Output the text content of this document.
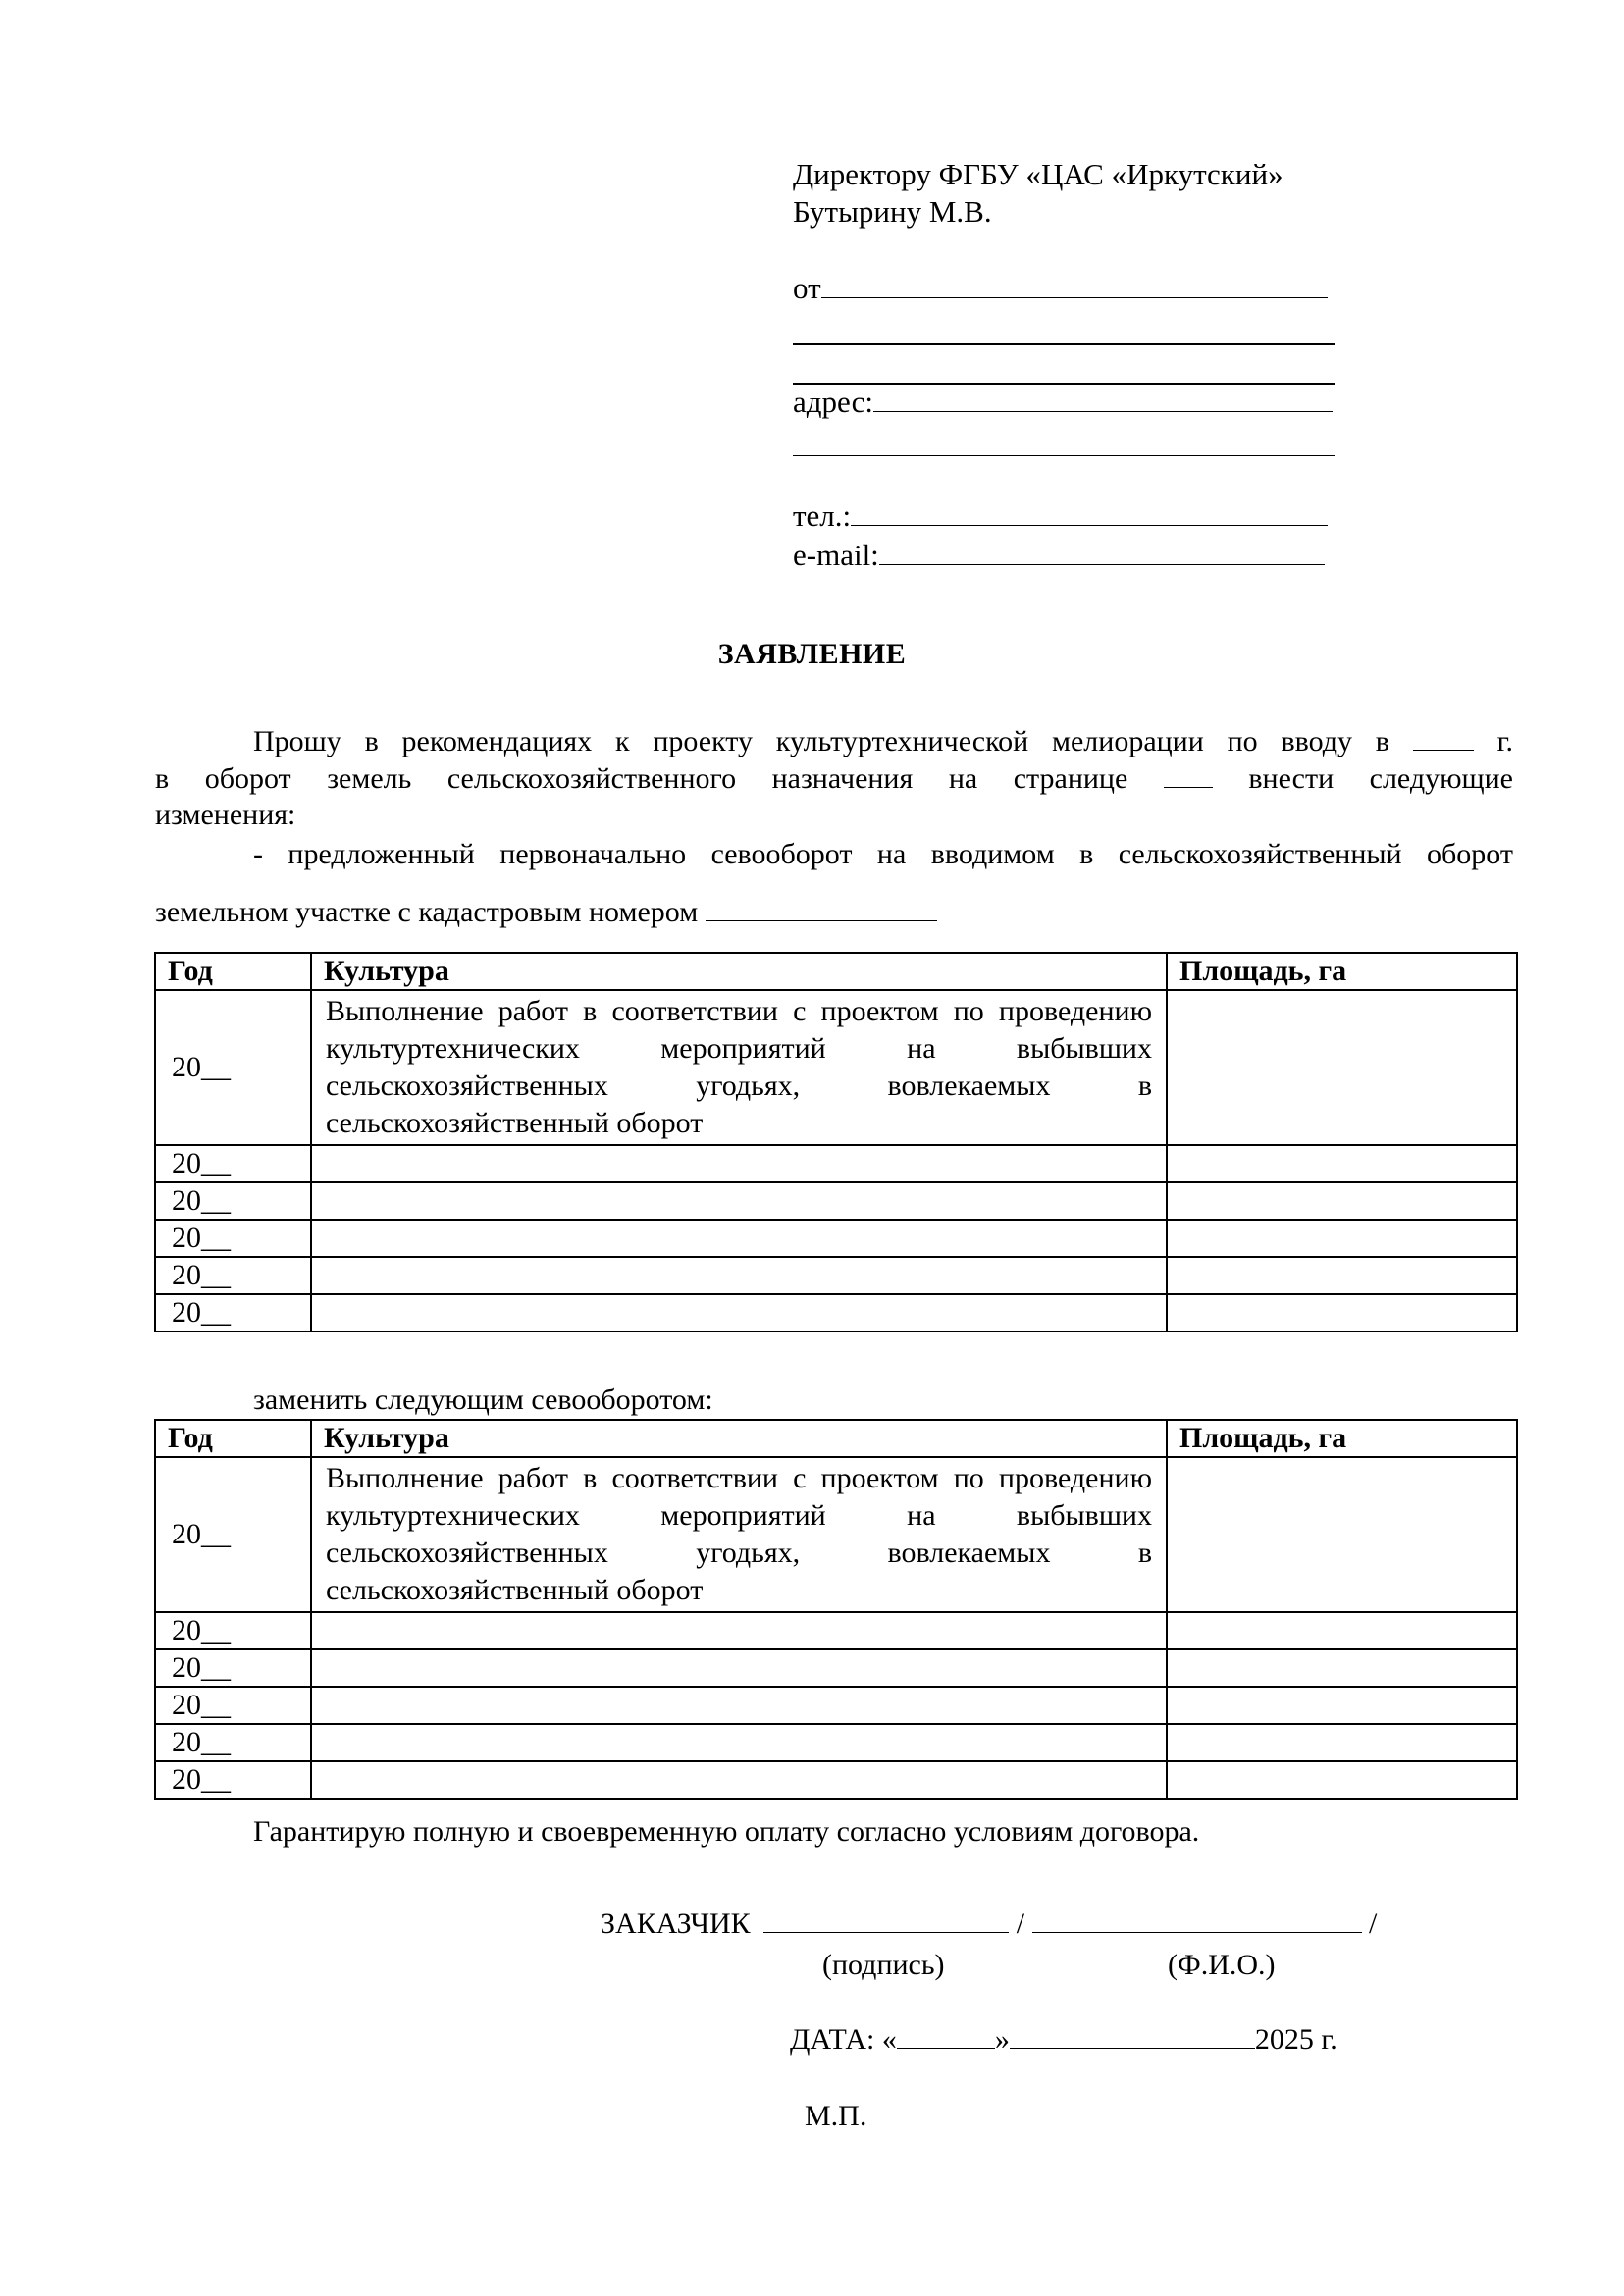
Директору ФГБУ «ЦАС «Иркутский»
Бутырину М.В.
от
адрес:
тел.:
e-mail:
ЗАЯВЛЕНИЕ
Прошу в рекомендациях к проекту культуртехнической мелиорации по вводу в	г.
в оборот земель сельскохозяйственного назначения на странице	внести следующие
изменения:
- предложенный первоначально севооборот на вводимом в сельскохозяйственный оборот
земельном участке с кадастровым номером
Год	Культура	Площадь, га
20__	Выполнение работ в соответствии с проектом по проведению культуртехнических мероприятий на выбывших сельскохозяйственных угодьях, вовлекаемых в сельскохозяйственный оборот	
20__		
20__		
20__		
20__		
20__		
заменить следующим севооборотом:
Год	Культура	Площадь, га
20__	Выполнение работ в соответствии с проектом по проведению культуртехнических мероприятий на выбывших сельскохозяйственных угодьях, вовлекаемых в сельскохозяйственный оборот	
20__		
20__		
20__		
20__		
20__		
Гарантирую полную и своевременную оплату согласно условиям договора.
ЗАКАЗЧИК	/	/
(подпись)	(Ф.И.О.)
ДАТА: «	»	2025 г.
М.П.
